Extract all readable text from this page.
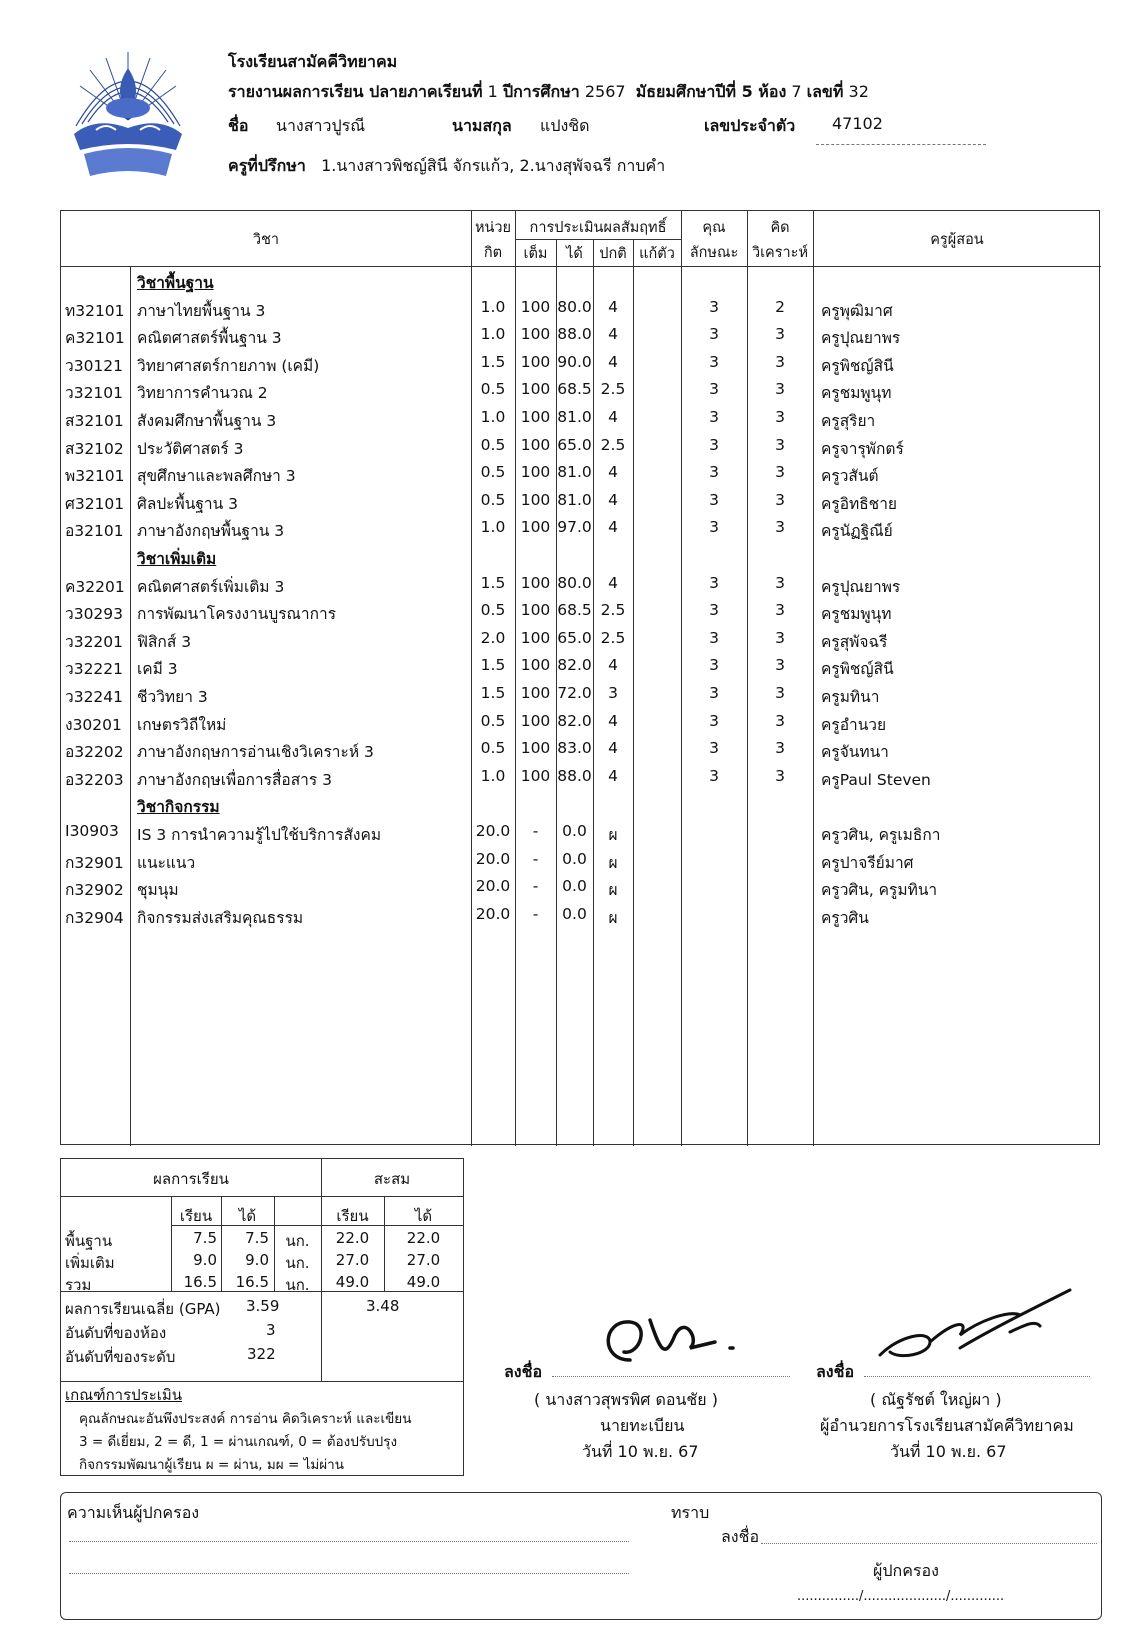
โรงเรียนสามัคคีวิทยาคม
รายงานผลการเรียน ปลายภาคเรียนที่ 1 ปีการศึกษา 2567 มัธยมศึกษาปีที่ 5 ห้อง 7 เลขที่ 32
ชื่อ นางสาวปูรณี	นามสกุล แปงชิด	เลขประจำตัว 47102
ครูที่ปรึกษา 1.นางสาวพิชญ์สินี จักรแก้ว, 2.นางสุพัจฉรี กาบคำ
วิชา
หน่วย
กิต
การประเมินผลสัมฤทธิ์
เต็ม	ได้	ปกติ แก้ตัว
คุณ
ลักษณะ
คิด
วิเคราะห์
ครูผู้สอน
วิชาพื้นฐาน
ท32101 ภาษาไทยพื้นฐาน 3	1.0 100 80.0	4	3	2	ครูพุฒิมาศ
ค32101 คณิตศาสตร์พื้นฐาน 3	1.0 100 88.0	4	3	3	ครูปุณยาพร
ว30121 วิทยาศาสตร์กายภาพ (เคมี)	1.5 100 90.0	4	3	3	ครูพิชญ์สินี
ว32101 วิทยาการคำนวณ 2	0.5 100 68.5 2.5	3	3	ครูชมพูนุท
ส32101 สังคมศึกษาพื้นฐาน 3	1.0 100 81.0	4	3	3	ครูสุริยา
ส32102 ประวัติศาสตร์ 3	0.5 100 65.0 2.5	3	3	ครูจารุพักตร์
พ32101 สุขศึกษาและพลศึกษา 3	0.5 100 81.0	4	3	3	ครูวสันต์
ศ32101 ศิลปะพื้นฐาน 3	0.5 100 81.0	4	3	3	ครูอิทธิชาย
อ32101 ภาษาอังกฤษพื้นฐาน 3	1.0 100 97.0	4	3	3	ครูนัฏฐิณีย์
วิชาเพิ่มเติม
ค32201 คณิตศาสตร์เพิ่มเติม 3	1.5 100 80.0	4	3	3	ครูปุณยาพร
ว30293 การพัฒนาโครงงานบูรณาการ	0.5 100 68.5 2.5	3	3	ครูชมพูนุท
ว32201 ฟิสิกส์ 3	2.0 100 65.0 2.5	3	3	ครูสุพัจฉรี
ว32221 เคมี 3	1.5 100 82.0	4	3	3	ครูพิชญ์สินี
ว32241 ชีววิทยา 3	1.5 100 72.0	3	3	3	ครูมทินา
ง30201 เกษตรวิถีใหม่	0.5 100 82.0	4	3	3	ครูอำนวย
อ32202 ภาษาอังกฤษการอ่านเชิงวิเคราะห์ 3	0.5 100 83.0	4	3	3	ครูจันทนา
อ32203 ภาษาอังกฤษเพื่อการสื่อสาร 3	1.0 100 88.0	4	3	3	ครูPaul Steven
วิชากิจกรรม
I30903	IS 3 การนำความรู้ไปใช้บริการสังคม	20.0	-	0.0	ผ	ครูวศิน, ครูเมธิกา
ก32901 แนะแนว	20.0	-	0.0	ผ	ครูปาจรีย์มาศ
ก32902 ชุมนุม	20.0	-	0.0	ผ	ครูวศิน, ครูมทินา
ก32904 กิจกรรมส่งเสริมคุณธรรม	20.0	-	0.0	ผ	ครูวศิน
ผลการเรียน	สะสม
เรียน	ได้	เรียน	ได้
พื้นฐาน	7.5	7.5	นก.	22.0	22.0
เพิ่มเติม	9.0	9.0	นก.	27.0	27.0
รวม	16.5	16.5	นก.	49.0	49.0
ผลการเรียนเฉลี่ย (GPA) 3.59	3.48
อันดับที่ของห้อง	3
อันดับที่ของระดับ	322
เกณฑ์การประเมิน
คุณลักษณะอันพึงประสงค์ การอ่าน คิดวิเคราะห์ และเขียน
3 = ดีเยี่ยม, 2 = ดี, 1 = ผ่านเกณฑ์, 0 = ต้องปรับปรุง
กิจกรรมพัฒนาผู้เรียน ผ = ผ่าน, มผ = ไม่ผ่าน
ลงชื่อ
( นางสาวสุพรพิศ ดอนชัย )
นายทะเบียน
วันที่ 10 พ.ย. 67
ลงชื่อ
( ณัฐรัชต์ ใหญ่ผา )
ผู้อำนวยการโรงเรียนสามัคคีวิทยาคม
วันที่ 10 พ.ย. 67
ความเห็นผู้ปกครอง	ทราบ
ลงชื่อ
ผู้ปกครอง
.............../..................../.............
